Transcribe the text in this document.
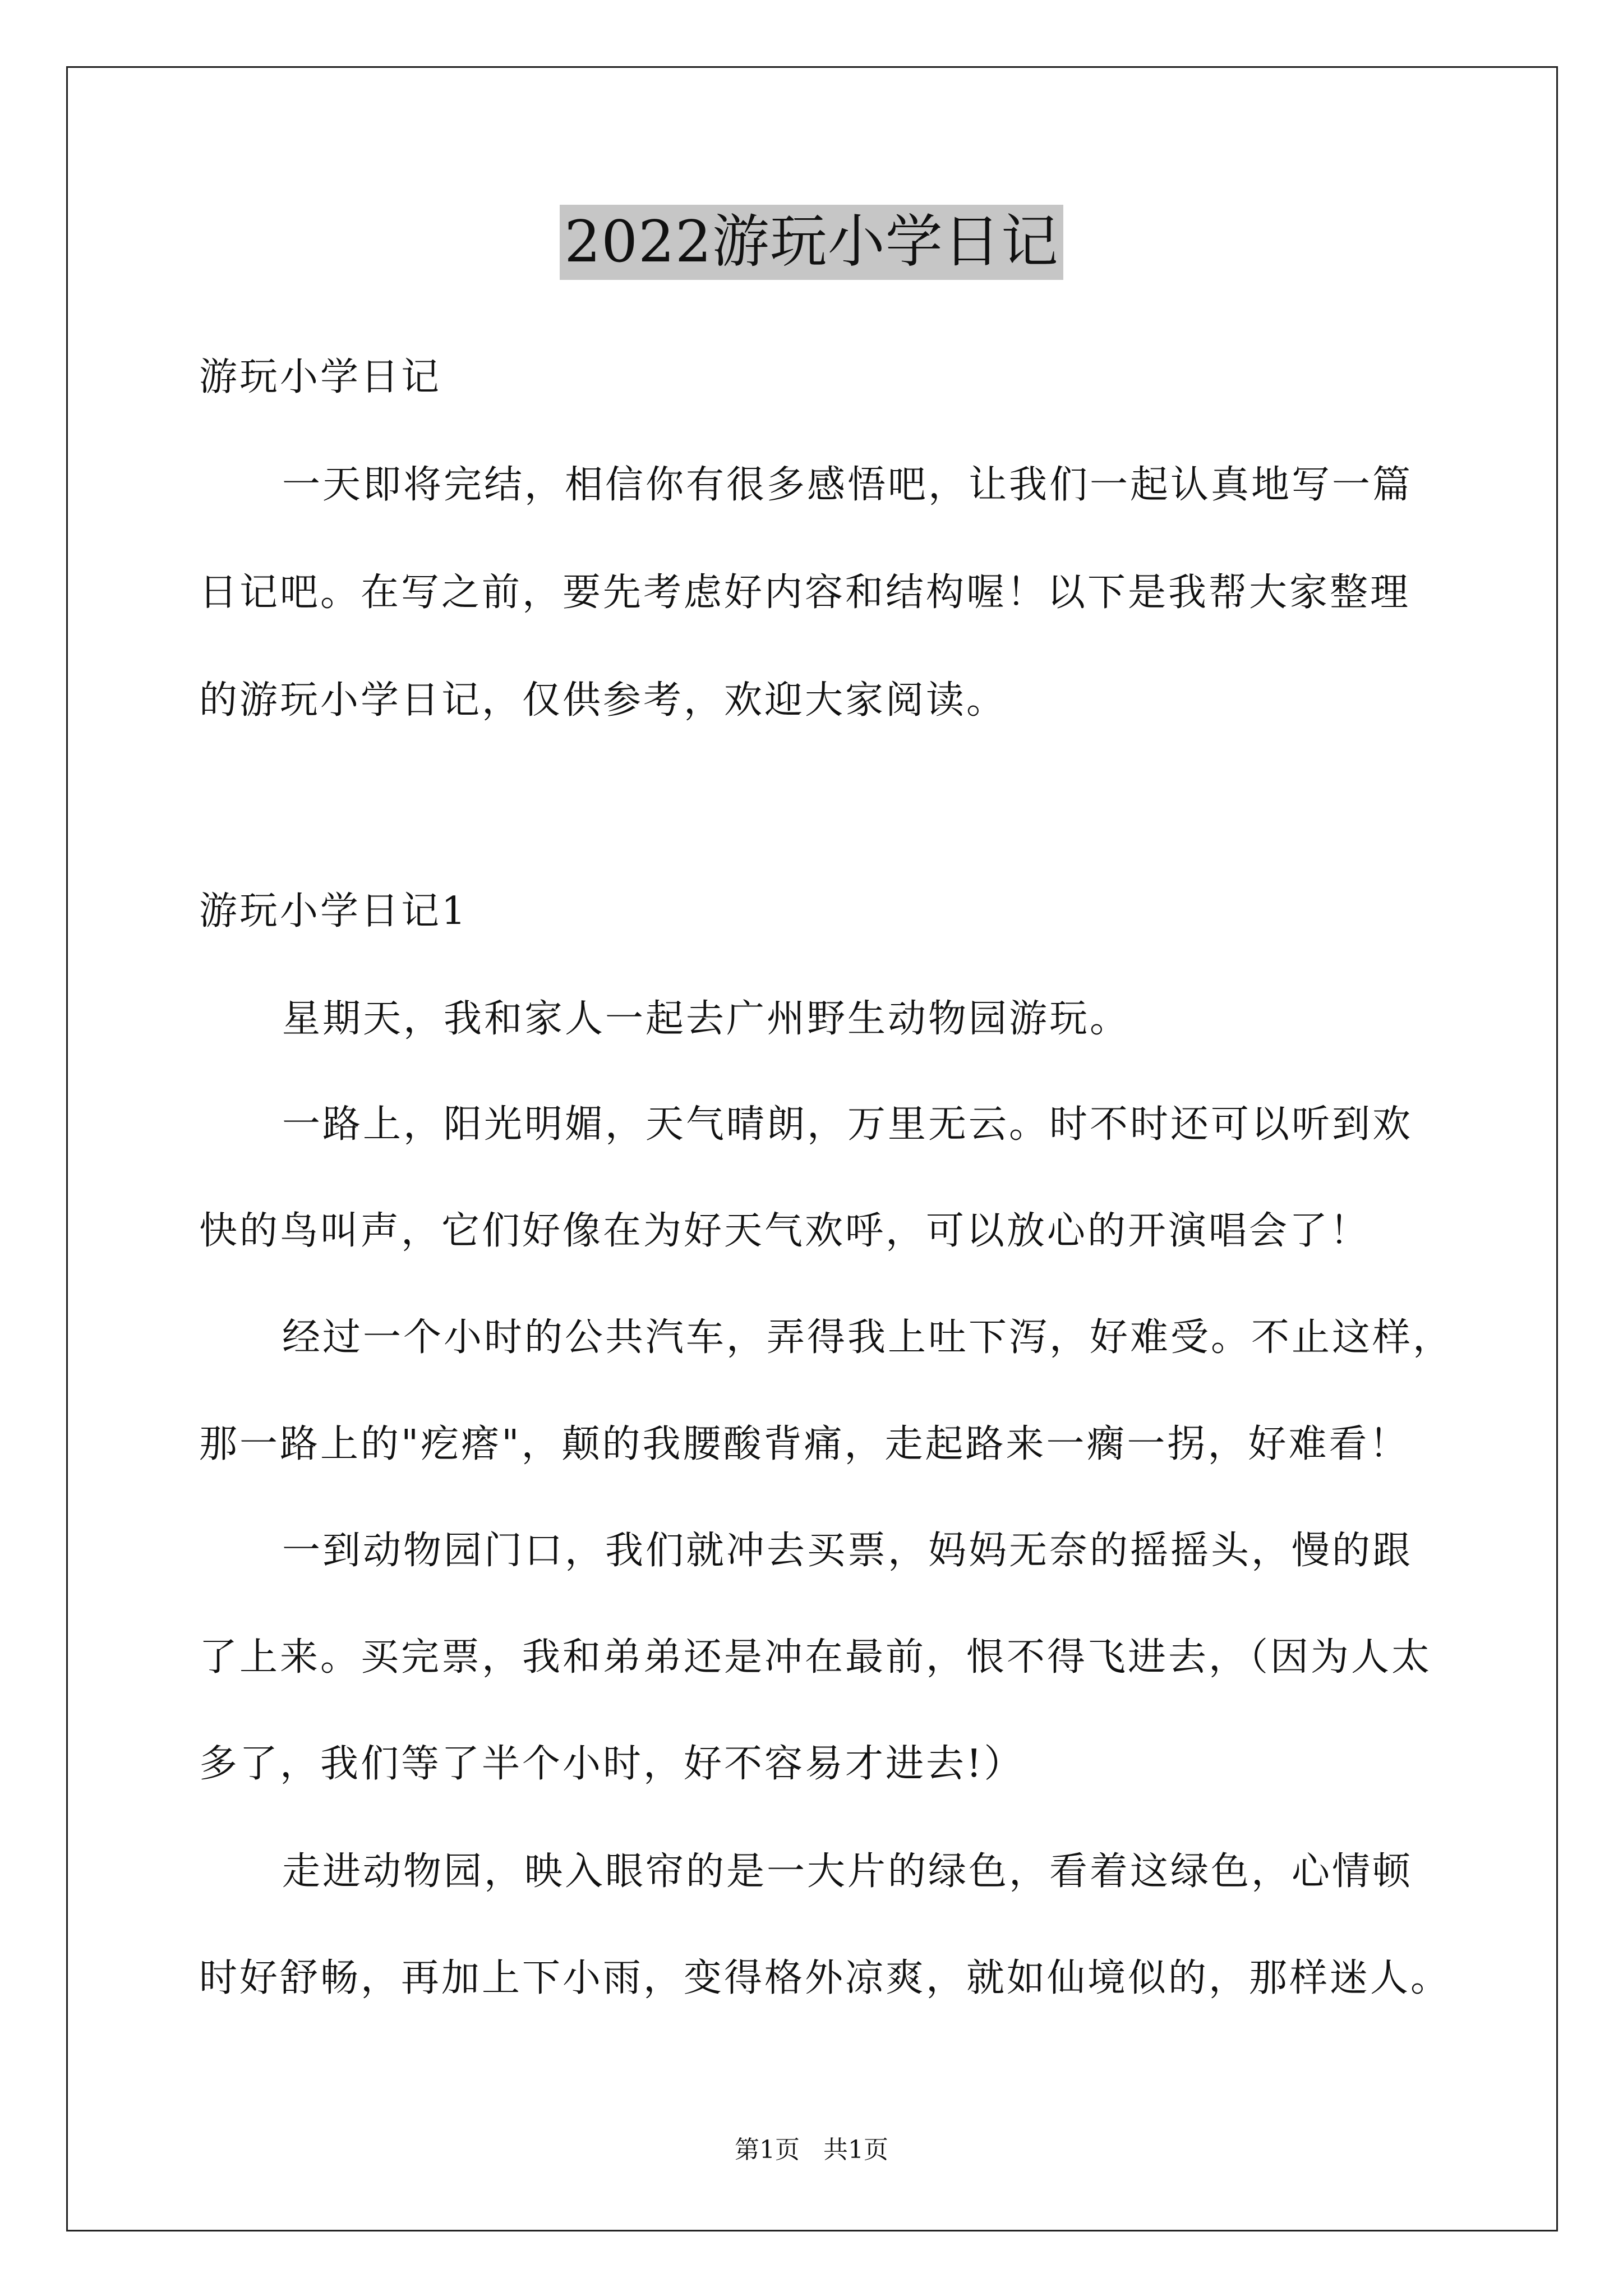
2022游玩小学日记
游玩小学日记
一天即将完结，相信你有很多感悟吧，让我们一起认真地写一篇
日记吧。在写之前，要先考虑好内容和结构喔！以下是我帮大家整理
的游玩小学日记，仅供参考，欢迎大家阅读。
游玩小学日记1
星期天，我和家人一起去广州野生动物园游玩。
一路上，阳光明媚，天气晴朗，万里无云。时不时还可以听到欢
快的鸟叫声，它们好像在为好天气欢呼，可以放心的开演唱会了！
经过一个小时的公共汽车，弄得我上吐下泻，好难受。不止这样，
那一路上的"疙瘩"，颠的我腰酸背痛，走起路来一瘸一拐，好难看！
一到动物园门口，我们就冲去买票，妈妈无奈的摇摇头，慢的跟
了上来。买完票，我和弟弟还是冲在最前，恨不得飞进去，（因为人太
多了，我们等了半个小时，好不容易才进去!）
走进动物园，映入眼帘的是一大片的绿色，看着这绿色，心情顿
时好舒畅，再加上下小雨，变得格外凉爽，就如仙境似的，那样迷人。
第1页   共1页
